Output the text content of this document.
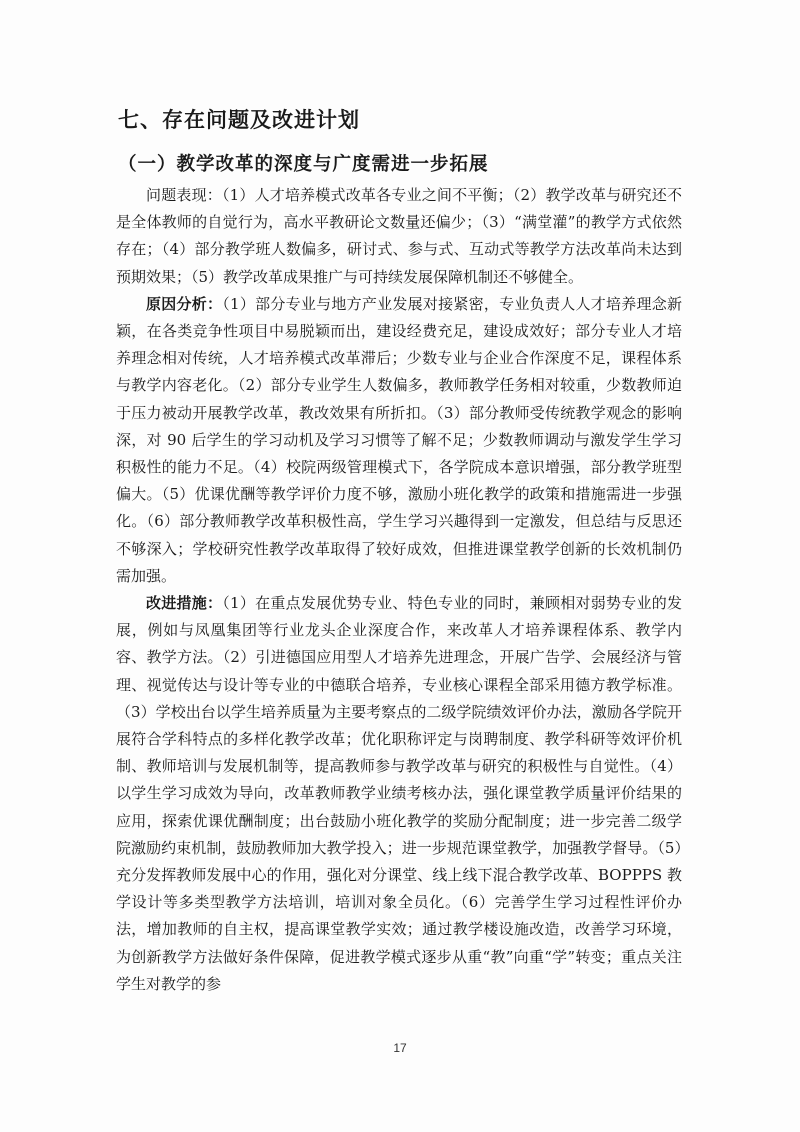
七、存在问题及改进计划
（一）教学改革的深度与广度需进一步拓展

问题表现：（1）人才培养模式改革各专业之间不平衡；（2）教学改革与研究还不是全体教师的自觉行为，高水平教研论文数量还偏少；（3）“满堂灌”的教学方式依然存在；（4）部分教学班人数偏多，研讨式、参与式、互动式等教学方法改革尚未达到预期效果；（5）教学改革成果推广与可持续发展保障机制还不够健全。

原因分析：（1）部分专业与地方产业发展对接紧密，专业负责人人才培养理念新颖，在各类竞争性项目中易脱颖而出，建设经费充足，建设成效好；部分专业人才培养理念相对传统，人才培养模式改革滞后；少数专业与企业合作深度不足，课程体系与教学内容老化。（2）部分专业学生人数偏多，教师教学任务相对较重，少数教师迫于压力被动开展教学改革，教改效果有所折扣。（3）部分教师受传统教学观念的影响深，对 90 后学生的学习动机及学习习惯等了解不足；少数教师调动与激发学生学习积极性的能力不足。（4）校院两级管理模式下，各学院成本意识增强，部分教学班型偏大。（5）优课优酬等教学评价力度不够，激励小班化教学的政策和措施需进一步强化。（6）部分教师教学改革积极性高，学生学习兴趣得到一定激发，但总结与反思还不够深入；学校研究性教学改革取得了较好成效，但推进课堂教学创新的长效机制仍需加强。

改进措施：（1）在重点发展优势专业、特色专业的同时，兼顾相对弱势专业的发展，例如与凤凰集团等行业龙头企业深度合作，来改革人才培养课程体系、教学内容、教学方法。（2）引进德国应用型人才培养先进理念，开展广告学、会展经济与管理、视觉传达与设计等专业的中德联合培养，专业核心课程全部采用德方教学标准。（3）学校出台以学生培养质量为主要考察点的二级学院绩效评价办法，激励各学院开展符合学科特点的多样化教学改革；优化职称评定与岗聘制度、教学科研等效评价机制、教师培训与发展机制等，提高教师参与教学改革与研究的积极性与自觉性。（4）以学生学习成效为导向，改革教师教学业绩考核办法，强化课堂教学质量评价结果的应用，探索优课优酬制度；出台鼓励小班化教学的奖励分配制度；进一步完善二级学院激励约束机制，鼓励教师加大教学投入；进一步规范课堂教学，加强教学督导。（5）充分发挥教师发展中心的作用，强化对分课堂、线上线下混合教学改革、BOPPPS 教学设计等多类型教学方法培训，培训对象全员化。（6）完善学生学习过程性评价办法，增加教师的自主权，提高课堂教学实效；通过教学楼设施改造，改善学习环境，为创新教学方法做好条件保障，促进教学模式逐步从重“教”向重“学”转变；重点关注学生对教学的参

17
